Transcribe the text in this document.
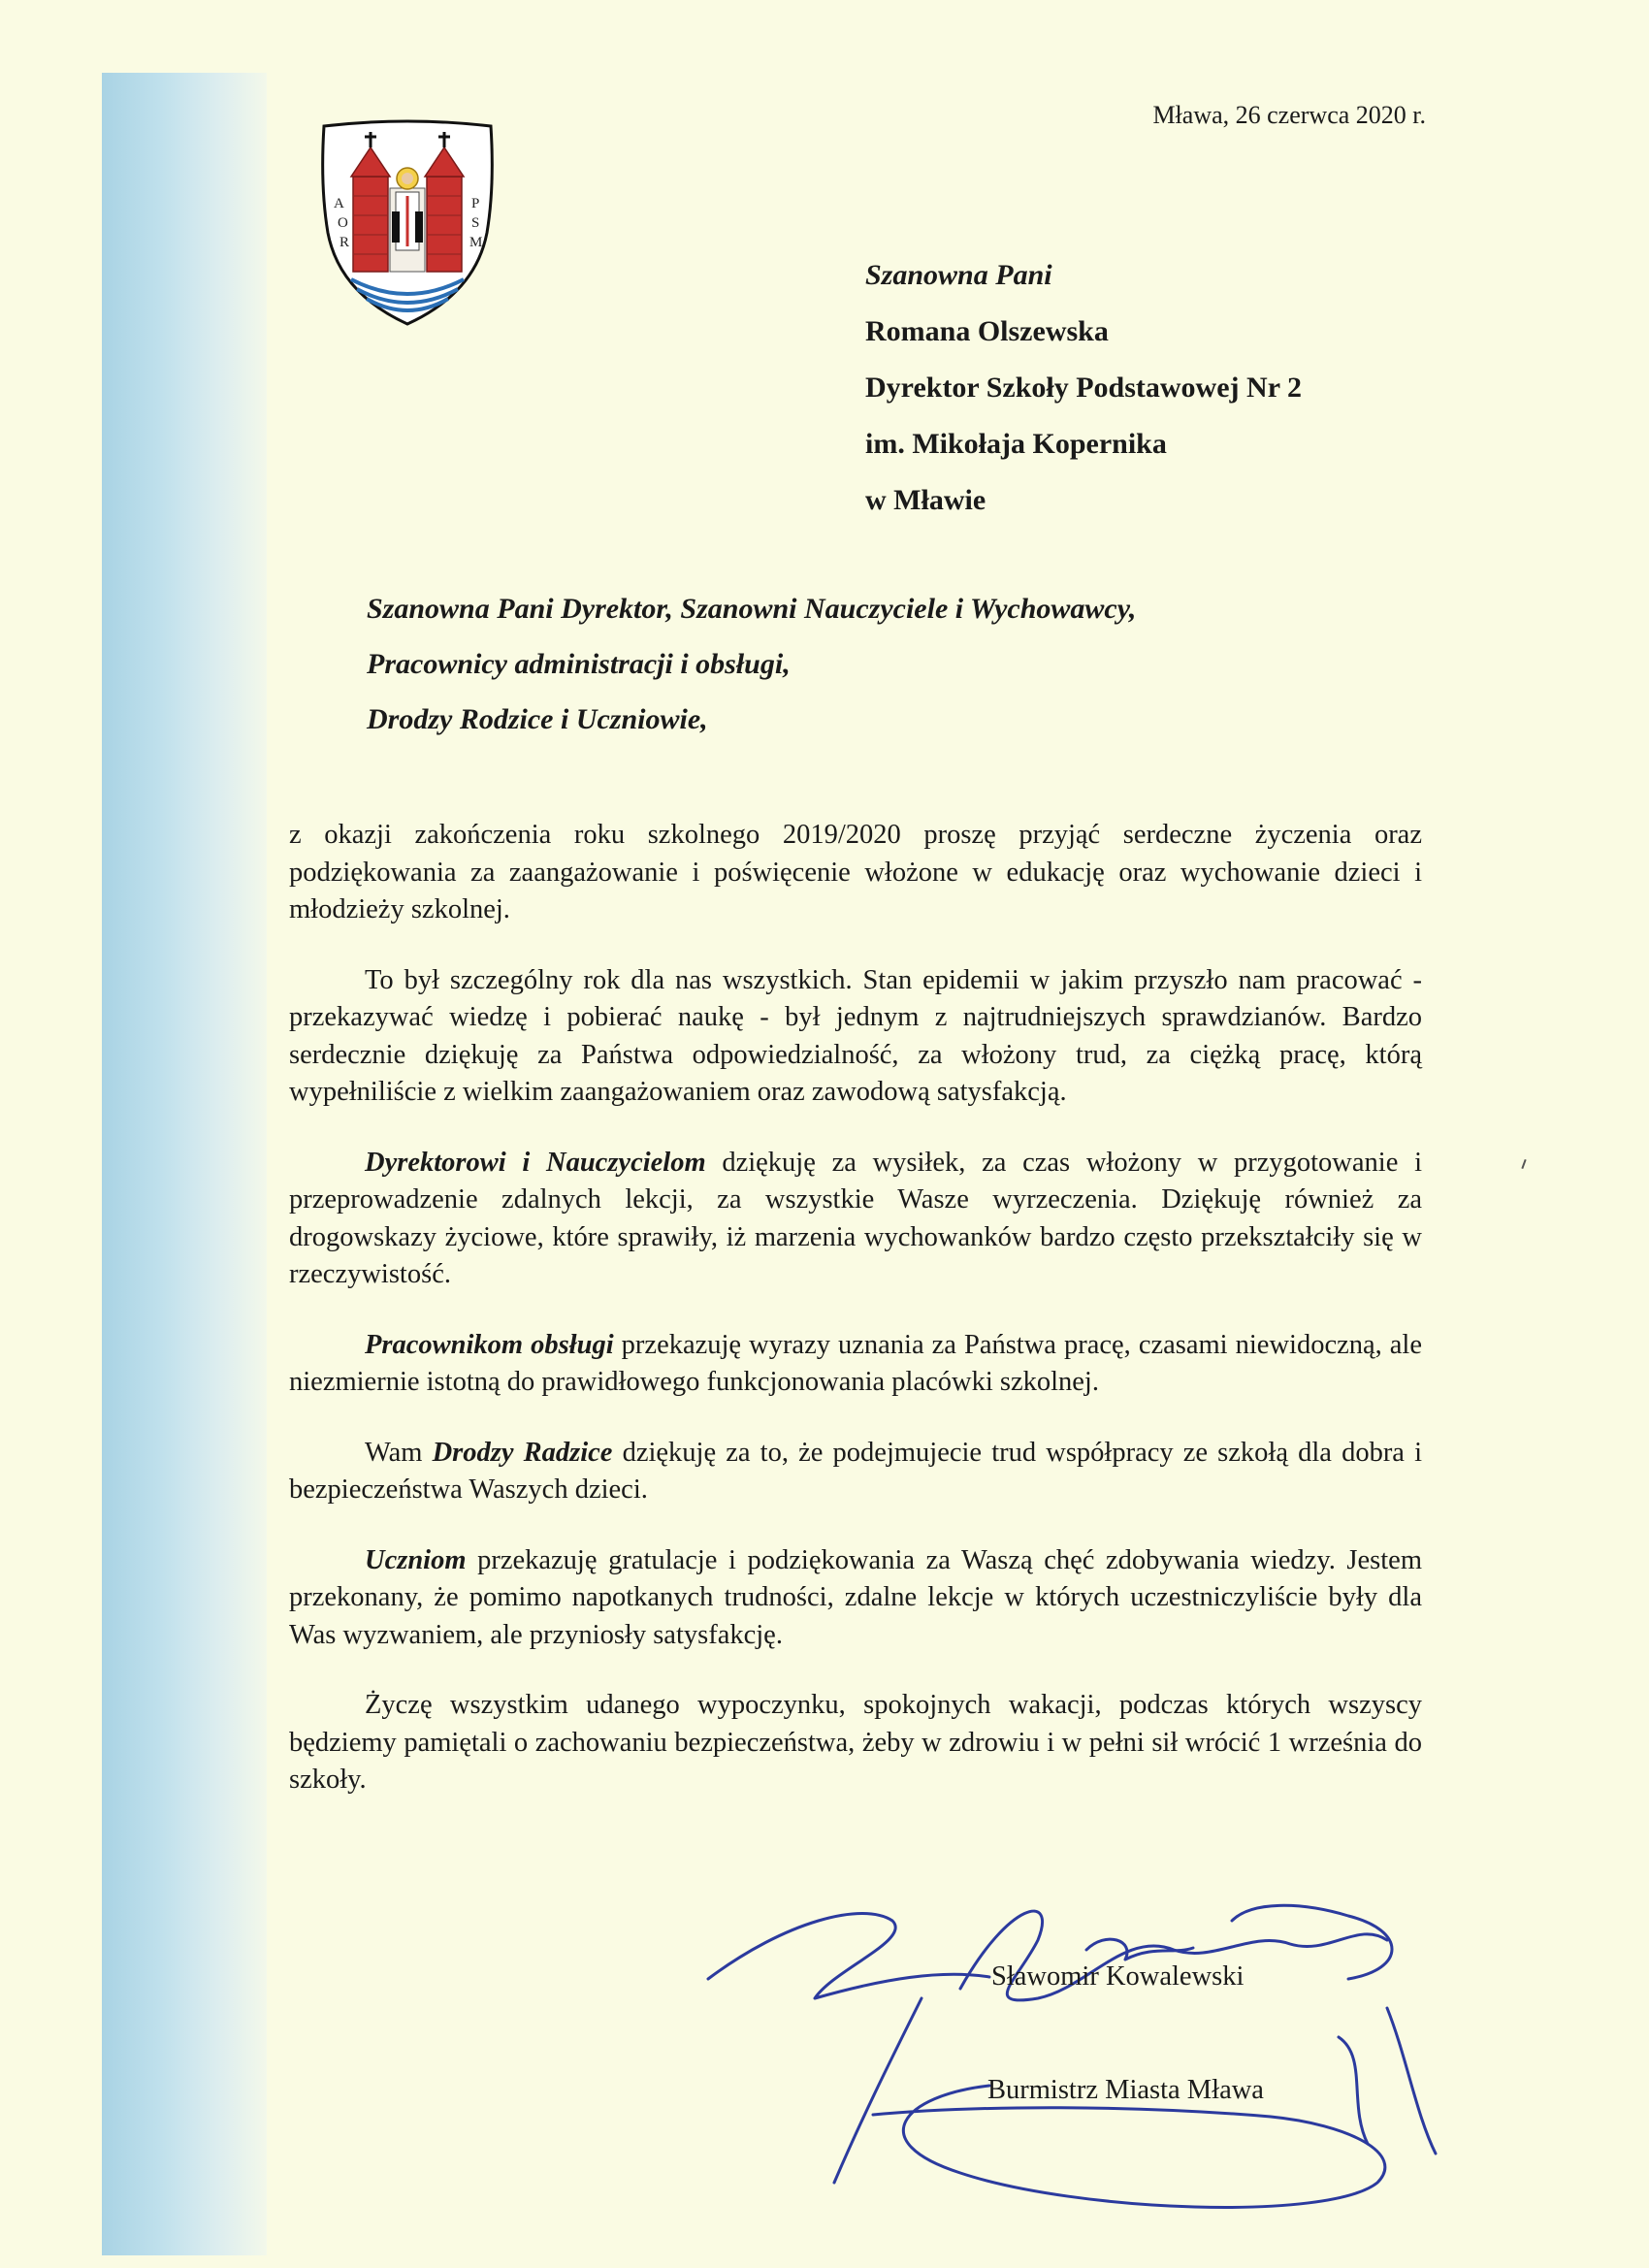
A
O
R
P
S
M
Mława, 26 czerwca 2020 r.
Szanowna Pani
Romana Olszewska
Dyrektor Szkoły Podstawowej Nr 2
im. Mikołaja Kopernika
w Mławie
Szanowna Pani Dyrektor, Szanowni Nauczyciele i Wychowawcy,
Pracownicy administracji i obsługi,
Drodzy Rodzice i Uczniowie,

z okazji zakończenia roku szkolnego 2019/2020 proszę przyjąć serdeczne życzenia oraz podziękowania za zaangażowanie i poświęcenie włożone w edukację oraz wychowanie dzieci i młodzieży szkolnej.

To był szczególny rok dla nas wszystkich. Stan epidemii w jakim przyszło nam pracować - przekazywać wiedzę i pobierać naukę - był jednym z najtrudniejszych sprawdzianów. Bardzo serdecznie dziękuję za Państwa odpowiedzialność, za włożony trud, za ciężką pracę, którą wypełniliście z wielkim zaangażowaniem oraz zawodową satysfakcją.

Dyrektorowi i Nauczycielom dziękuję za wysiłek, za czas włożony w przygotowanie i przeprowadzenie zdalnych lekcji, za wszystkie Wasze wyrzeczenia. Dziękuję również za drogowskazy życiowe, które sprawiły, iż marzenia wychowanków bardzo często przekształciły się w rzeczywistość.

Pracownikom obsługi przekazuję wyrazy uznania za Państwa pracę, czasami niewidoczną, ale niezmiernie istotną do prawidłowego funkcjonowania placówki szkolnej.

Wam Drodzy Radzice dziękuję za to, że podejmujecie trud współpracy ze szkołą dla dobra i bezpieczeństwa Waszych dzieci.

Uczniom przekazuję gratulacje i podziękowania za Waszą chęć zdobywania wiedzy. Jestem przekonany, że pomimo napotkanych trudności, zdalne lekcje w których uczestniczyliście były dla Was wyzwaniem, ale przyniosły satysfakcję.

Życzę wszystkim udanego wypoczynku, spokojnych wakacji, podczas których wszyscy będziemy pamiętali o zachowaniu bezpieczeństwa, żeby w zdrowiu i w pełni sił wrócić 1 września do szkoły.

Sławomir Kowalewski
Burmistrz Miasta Mława
